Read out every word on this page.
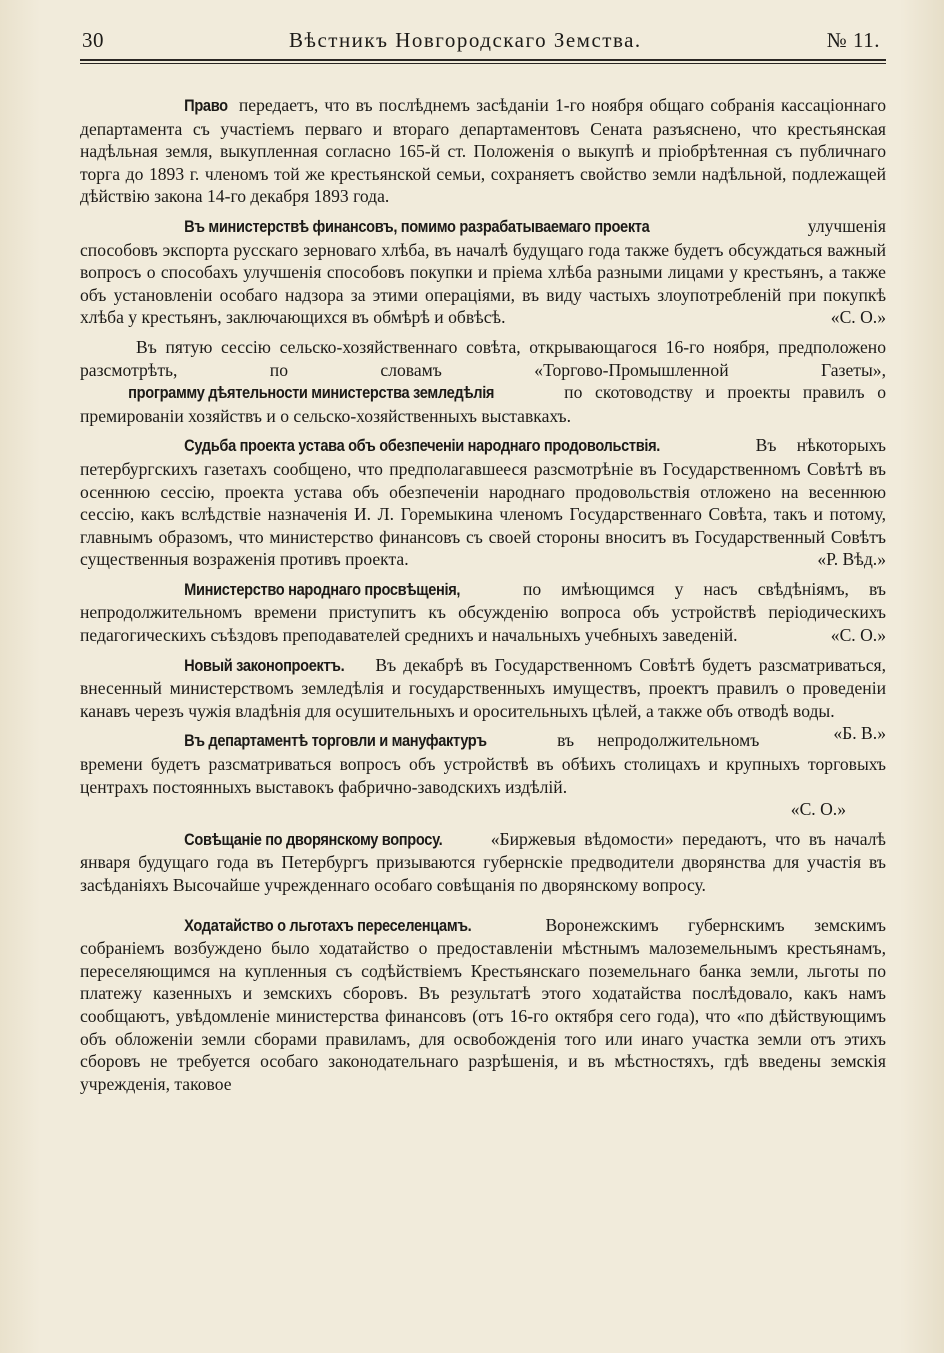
30	Вѣстникъ Новгородскаго Земства.	№ 11.

Право передаетъ, что въ послѣднемъ засѣданіи 1-го ноября общаго собранія кассаціоннаго департамента съ участіемъ перваго и втораго департаментовъ Сената разъяснено, что крестьянская надѣльная земля, выкупленная согласно 165-й ст. Положенія о выкупѣ и пріобрѣтенная съ публичнаго торга до 1893 г. членомъ той же крестьянской семьи, сохраняетъ свойство земли надѣльной, подлежащей дѣйствію закона 14-го декабря 1893 года.

Въ министерствѣ финансовъ, помимо разрабатываемаго проекта	улучшенія способовъ экспорта русскаго зерноваго хлѣба, въ началѣ будущаго года также будетъ обсуждаться важный вопросъ о способахъ улучшенія способовъ покупки и пріема хлѣба разными лицами у крестьянъ, а также объ установленіи особаго надзора за этими операціями, въ виду частыхъ злоупотребленій при покупкѣ хлѣба у крестьянъ, заключающихся въ обмѣрѣ и обвѣсѣ.	«С. О.»

Въ пятую сессію сельско-хозяйственнаго совѣта, открывающагося 16-го ноября, предположено разсмотрѣть, по словамъ «Торгово-Промышленной Газеты», программу дѣятельности министерства земледѣлія	по скотоводству и проекты правилъ о премированіи хозяйствъ и о сельско-хозяйственныхъ выставкахъ.

Судьба проекта устава объ обезпеченіи народнаго продовольствія.	Въ нѣкоторыхъ петербургскихъ газетахъ сообщено, что предполагавшееся разсмотрѣніе въ Государственномъ Совѣтѣ въ осеннюю сессію, проекта устава объ обезпеченіи народнаго продовольствія отложено на весеннюю сессію, какъ вслѣдствіе назначенія И. Л. Горемыкина членомъ Государственнаго Совѣта, такъ и потому, главнымъ образомъ, что министерство финансовъ съ своей стороны вноситъ въ Государственный Совѣтъ существенныя возраженія противъ проекта.	«Р. Вѣд.»

Министерство народнаго просвѣщенія,	по имѣющимся у насъ свѣдѣніямъ, въ непродолжительномъ времени приступитъ къ обсужденію вопроса объ устройствѣ періодическихъ педагогическихъ съѣздовъ преподавателей среднихъ и начальныхъ учебныхъ заведеній.	«С. О.»

Новый законопроектъ. Въ декабрѣ въ Государственномъ Совѣтѣ будетъ разсматриваться, внесенный министерствомъ земледѣлія и государственныхъ имуществъ, проектъ правилъ о проведеніи канавъ черезъ чужія владѣнія для осушительныхъ и оросительныхъ цѣлей, а также объ отводѣ воды.
«Б. В.»

Въ департаментѣ торговли и мануфактуръ	въ непродолжительномъ времени будетъ разсматриваться вопросъ объ устройствѣ въ обѣихъ столицахъ и крупныхъ торговыхъ центрахъ постоянныхъ выставокъ фабрично-заводскихъ издѣлій.

«С. О.»

Совѣщаніе по дворянскому вопросу.	«Биржевыя вѣдомости» передаютъ, что въ началѣ января будущаго года въ Петербургъ призываются губернскіе предводители дворянства для участія въ засѣданіяхъ Высочайше учрежденнаго особаго совѣщанія по дворянскому вопросу.

Ходатайство о льготахъ переселенцамъ.	Воронежскимъ губернскимъ земскимъ собраніемъ возбуждено было ходатайство о предоставленіи мѣстнымъ малоземельнымъ крестьянамъ, переселяющимся на купленныя съ содѣйствіемъ Крестьянскаго поземельнаго банка земли, льготы по платежу казенныхъ и земскихъ сборовъ. Въ результатѣ этого ходатайства послѣдовало, какъ намъ сообщаютъ, увѣдомленіе министерства финансовъ (отъ 16-го октября сего года), что «по дѣйствующимъ объ обложеніи земли сборами правиламъ, для освобожденія того или инаго участка земли отъ этихъ сборовъ не требуется особаго законодательнаго разрѣшенія, и въ мѣстностяхъ, гдѣ введены земскія учрежденія, таковое
